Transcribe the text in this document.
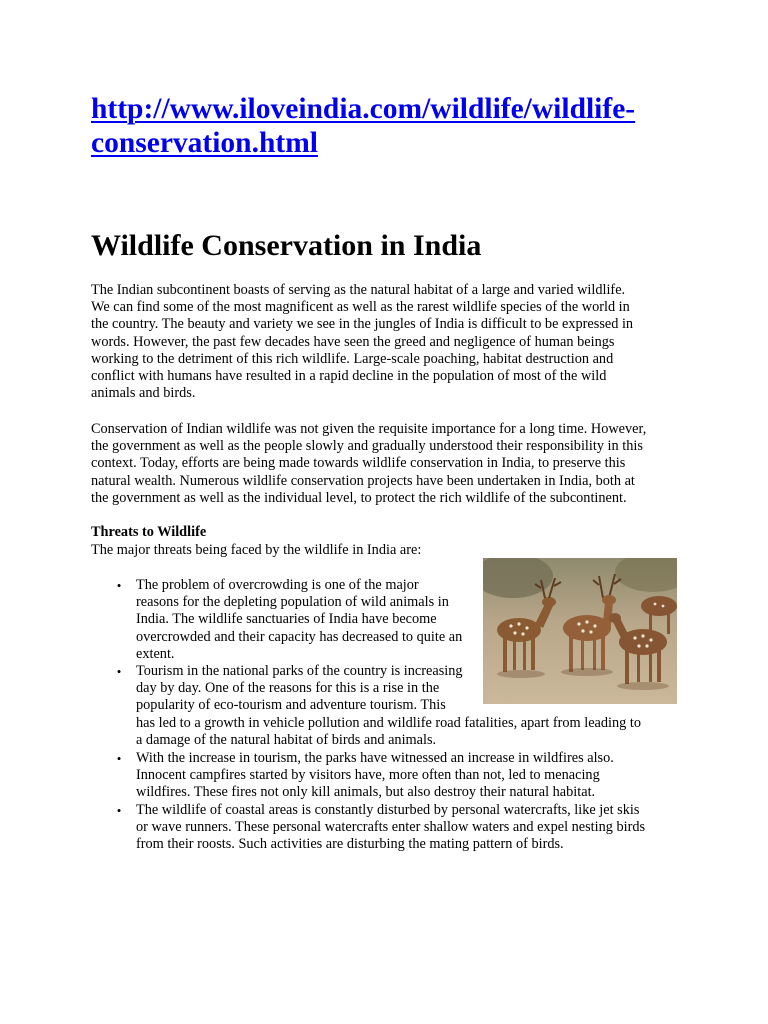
http://www.iloveindia.com/wildlife/wildlife-
conservation.html
Wildlife Conservation in India

The Indian subcontinent boasts of serving as the natural habitat of a large and varied wildlife.
We can find some of the most magnificent as well as the rarest wildlife species of the world in
the country. The beauty and variety we see in the jungles of India is difficult to be expressed in
words. However, the past few decades have seen the greed and negligence of human beings
working to the detriment of this rich wildlife. Large-scale poaching, habitat destruction and
conflict with humans have resulted in a rapid decline in the population of most of the wild
animals and birds.

Conservation of Indian wildlife was not given the requisite importance for a long time. However,
the government as well as the people slowly and gradually understood their responsibility in this
context. Today, efforts are being made towards wildlife conservation in India, to preserve this
natural wealth. Numerous wildlife conservation projects have been undertaken in India, both at
the government as well as the individual level, to protect the rich wildlife of the subcontinent.

Threats to Wildlife

The major threats being faced by the wildlife in India are:

• The problem of overcrowding is one of the major
reasons for the depleting population of wild animals in
India. The wildlife sanctuaries of India have become
overcrowded and their capacity has decreased to quite an
extent.
• Tourism in the national parks of the country is increasing
day by day. One of the reasons for this is a rise in the
popularity of eco-tourism and adventure tourism. This
has led to a growth in vehicle pollution and wildlife road fatalities, apart from leading to
a damage of the natural habitat of birds and animals.
• With the increase in tourism, the parks have witnessed an increase in wildfires also.
Innocent campfires started by visitors have, more often than not, led to menacing
wildfires. These fires not only kill animals, but also destroy their natural habitat.
• The wildlife of coastal areas is constantly disturbed by personal watercrafts, like jet skis
or wave runners. These personal watercrafts enter shallow waters and expel nesting birds
from their roosts. Such activities are disturbing the mating pattern of birds.
